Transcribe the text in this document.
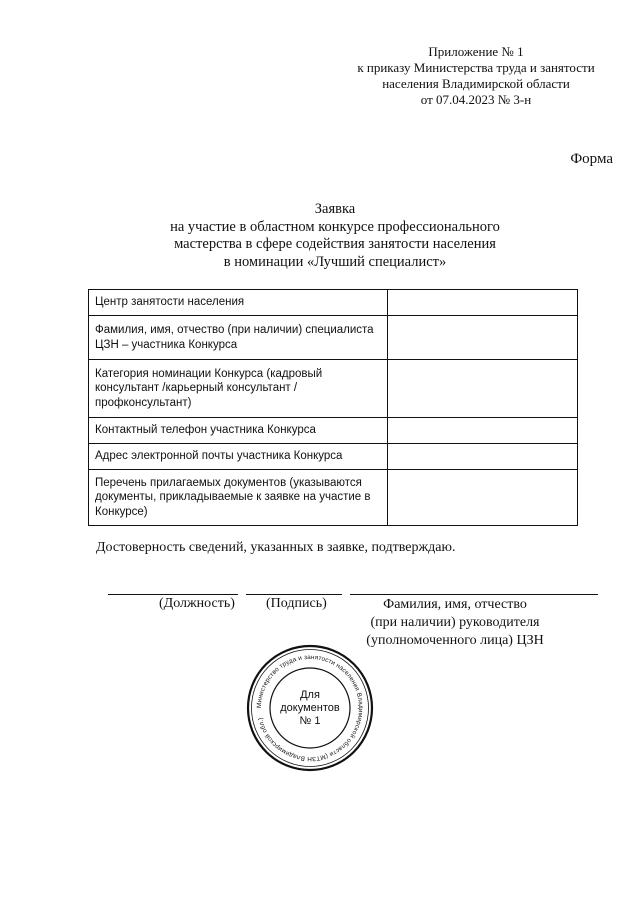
Приложение № 1
к приказу Министерства труда и занятости
населения Владимирской области
от 07.04.2023 № 3-н
Форма
Заявка
на участие в областном конкурсе профессионального
мастерства в сфере содействия занятости населения
в номинации «Лучший специалист»
Центр занятости населения	
Фамилия, имя, отчество (при наличии) специалиста ЦЗН – участника Конкурса	
Категория номинации Конкурса (кадровый консультант /карьерный консультант /профконсультант)	
Контактный телефон участника Конкурса	
Адрес электронной почты участника Конкурса	
Перечень прилагаемых документов (указываются документы, прикладываемые к заявке на участие в Конкурсе)	
Достоверность сведений, указанных в заявке, подтверждаю.
(Должность) (Подпись)	Фамилия, имя, отчество
(при наличии) руководителя
(уполномоченного лица) ЦЗН
Министерство труда и занятости населения Владимирской области (МТЗН Владимирской обл.)
Для
документов
№ 1
